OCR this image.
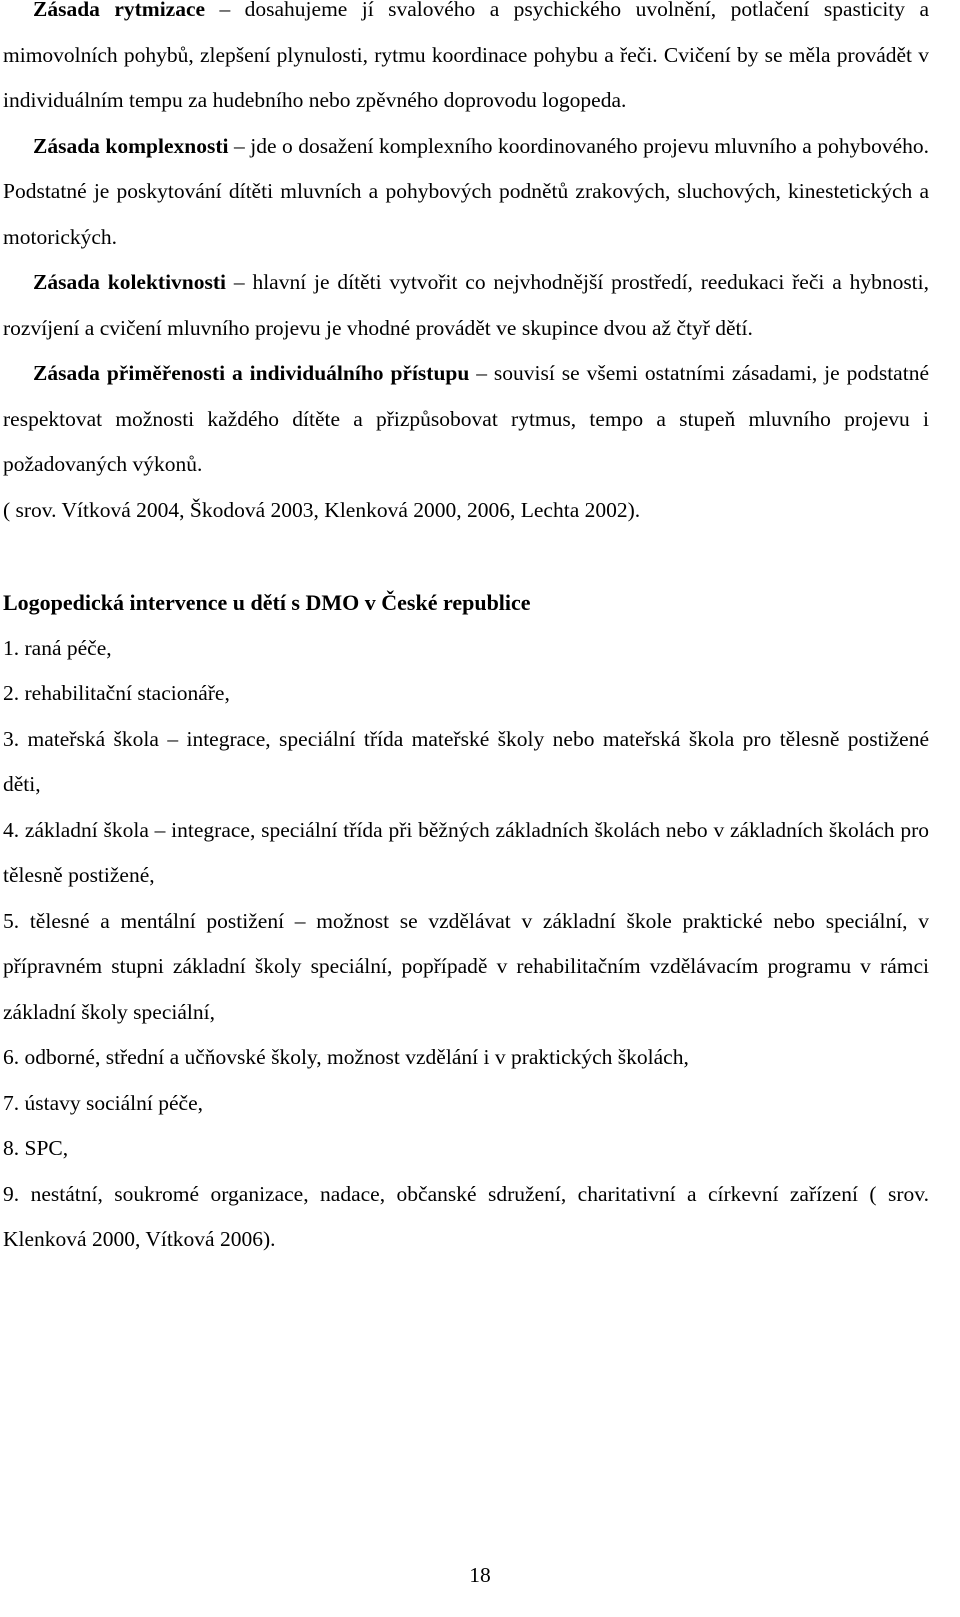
Zásada rytmizace – dosahujeme jí svalového a psychického uvolnění, potlačení spasticity a mimovolních pohybů, zlepšení plynulosti, rytmu koordinace pohybu a řeči. Cvičení by se měla provádět v individuálním tempu za hudebního nebo zpěvného doprovodu logopeda.

Zásada komplexnosti – jde o dosažení komplexního koordinovaného projevu mluvního a pohybového. Podstatné je poskytování dítěti mluvních a pohybových podnětů zrakových, sluchových, kinestetických a motorických.

Zásada kolektivnosti – hlavní je dítěti vytvořit co nejvhodnější prostředí, reedukaci řeči a hybnosti, rozvíjení a cvičení mluvního projevu je vhodné provádět ve skupince dvou až čtyř dětí.

Zásada přiměřenosti a individuálního přístupu – souvisí se všemi ostatními zásadami, je podstatné respektovat možnosti každého dítěte a přizpůsobovat rytmus, tempo a stupeň mluvního projevu i požadovaných výkonů.

( srov. Vítková 2004, Škodová 2003, Klenková 2000, 2006, Lechta 2002).

Logopedická intervence u dětí s DMO v České republice
1. raná péče,
2. rehabilitační stacionáře,
3. mateřská škola – integrace, speciální třída mateřské školy nebo mateřská škola pro tělesně postižené děti,
4. základní škola – integrace, speciální třída při běžných základních školách nebo v základních školách pro tělesně postižené,
5. tělesné a mentální postižení – možnost se vzdělávat v základní škole praktické nebo speciální, v přípravném stupni základní školy speciální, popřípadě v rehabilitačním vzdělávacím programu v rámci základní školy speciální,
6. odborné, střední a učňovské školy, možnost vzdělání i v praktických školách,
7. ústavy sociální péče,
8. SPC,
9. nestátní, soukromé organizace, nadace, občanské sdružení, charitativní a církevní zařízení ( srov. Klenková 2000, Vítková 2006).
18
